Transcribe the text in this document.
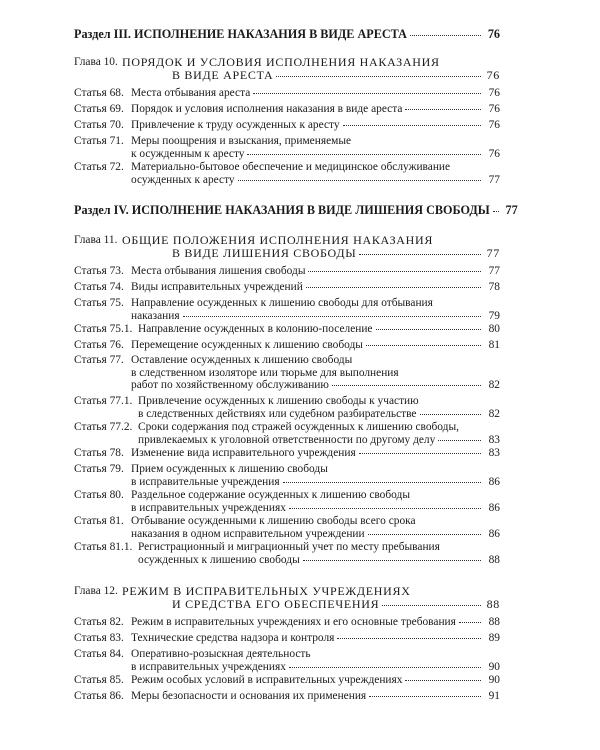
Раздел III. ИСПОЛНЕНИЕ НАКАЗАНИЯ В ВИДЕ АРЕСТА	76
Глава 10. ПОРЯДОК И УСЛОВИЯ ИСПОЛНЕНИЯ НАКАЗАНИЯ
В ВИДЕ АРЕСТА	76
Статья 68. Места отбывания ареста	76
Статья 69. Порядок и условия исполнения наказания в виде ареста	76
Статья 70. Привлечение к труду осужденных к аресту	76
Статья 71. Меры поощрения и взыскания, применяемые
к осужденным к аресту	76
Статья 72. Материально-бытовое обеспечение и медицинское обслуживание
осужденных к аресту	77
Раздел IV. ИСПОЛНЕНИЕ НАКАЗАНИЯ В ВИДЕ ЛИШЕНИЯ СВОБОДЫ	77
Глава 11. ОБЩИЕ ПОЛОЖЕНИЯ ИСПОЛНЕНИЯ НАКАЗАНИЯ
В ВИДЕ ЛИШЕНИЯ СВОБОДЫ	77
Статья 73. Места отбывания лишения свободы	77
Статья 74. Виды исправительных учреждений	78
Статья 75. Направление осужденных к лишению свободы для отбывания
наказания	79
Статья 75.1. Направление осужденных в колонию-поселение	80
Статья 76. Перемещение осужденных к лишению свободы	81
Статья 77. Оставление осужденных к лишению свободы
в следственном изоляторе или тюрьме для выполнения
работ по хозяйственному обслуживанию	82
Статья 77.1. Привлечение осужденных к лишению свободы к участию
в следственных действиях или судебном разбирательстве	82
Статья 77.2. Сроки содержания под стражей осужденных к лишению свободы,
привлекаемых к уголовной ответственности по другому делу	83
Статья 78. Изменение вида исправительного учреждения	83
Статья 79. Прием осужденных к лишению свободы
в исправительные учреждения	86
Статья 80. Раздельное содержание осужденных к лишению свободы
в исправительных учреждениях	86
Статья 81. Отбывание осужденными к лишению свободы всего срока
наказания в одном исправительном учреждении	86
Статья 81.1. Регистрационный и миграционный учет по месту пребывания
осужденных к лишению свободы	88
Глава 12. РЕЖИМ В ИСПРАВИТЕЛЬНЫХ УЧРЕЖДЕНИЯХ
И СРЕДСТВА ЕГО ОБЕСПЕЧЕНИЯ	88
Статья 82. Режим в исправительных учреждениях и его основные требования	88
Статья 83. Технические средства надзора и контроля	89
Статья 84. Оперативно-розыскная деятельность
в исправительных учреждениях	90
Статья 85. Режим особых условий в исправительных учреждениях	90
Статья 86. Меры безопасности и основания их применения	91
